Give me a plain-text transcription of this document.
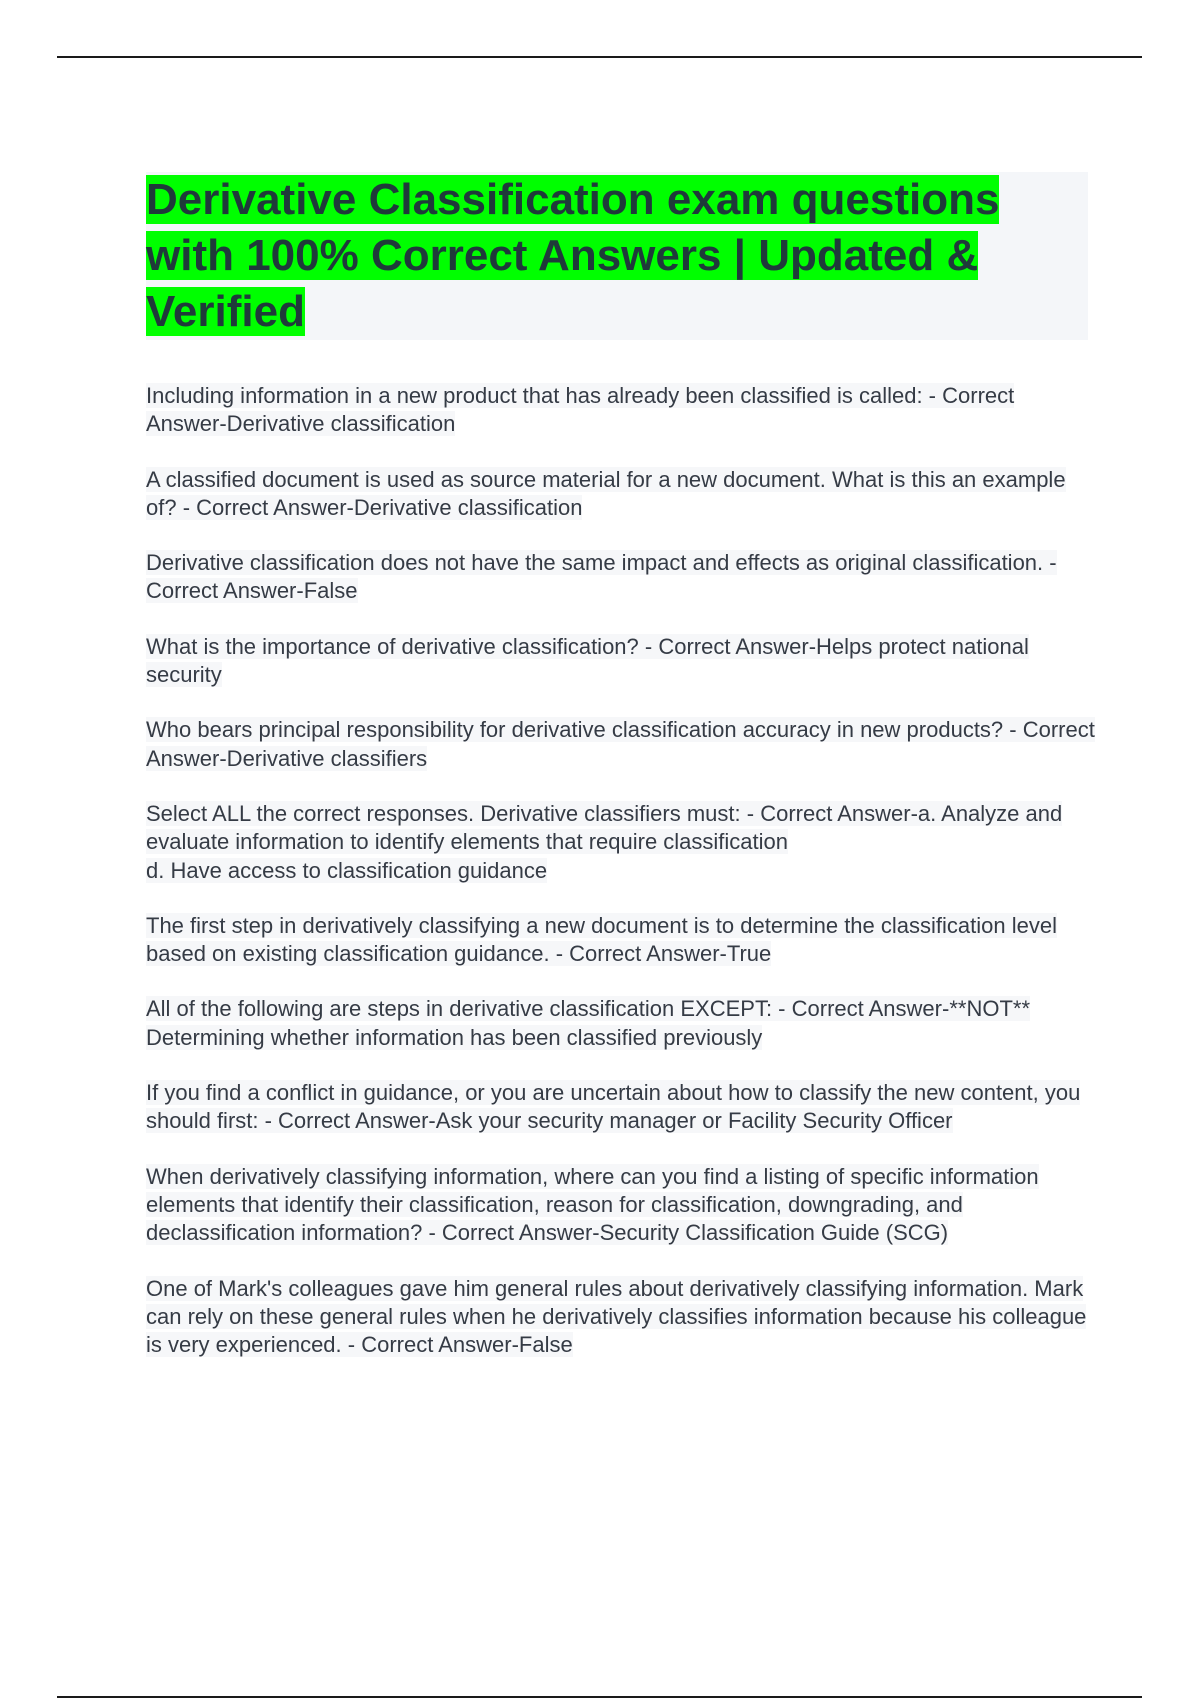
Derivative Classification exam questions with 100% Correct Answers | Updated & Verified

Including information in a new product that has already been classified is called: - Correct Answer-Derivative classification

A classified document is used as source material for a new document. What is this an example of? - Correct Answer-Derivative classification

Derivative classification does not have the same impact and effects as original classification. - Correct Answer-False

What is the importance of derivative classification? - Correct Answer-Helps protect national security

Who bears principal responsibility for derivative classification accuracy in new products? - Correct Answer-Derivative classifiers

Select ALL the correct responses. Derivative classifiers must: - Correct Answer-a. Analyze and evaluate information to identify elements that require classification
d. Have access to classification guidance

The first step in derivatively classifying a new document is to determine the classification level based on existing classification guidance. - Correct Answer-True

All of the following are steps in derivative classification EXCEPT: - Correct Answer-**NOT** Determining whether information has been classified previously

If you find a conflict in guidance, or you are uncertain about how to classify the new content, you should first: - Correct Answer-Ask your security manager or Facility Security Officer

When derivatively classifying information, where can you find a listing of specific information elements that identify their classification, reason for classification, downgrading, and declassification information? - Correct Answer-Security Classification Guide (SCG)

One of Mark's colleagues gave him general rules about derivatively classifying information. Mark can rely on these general rules when he derivatively classifies information because his colleague is very experienced. - Correct Answer-False
